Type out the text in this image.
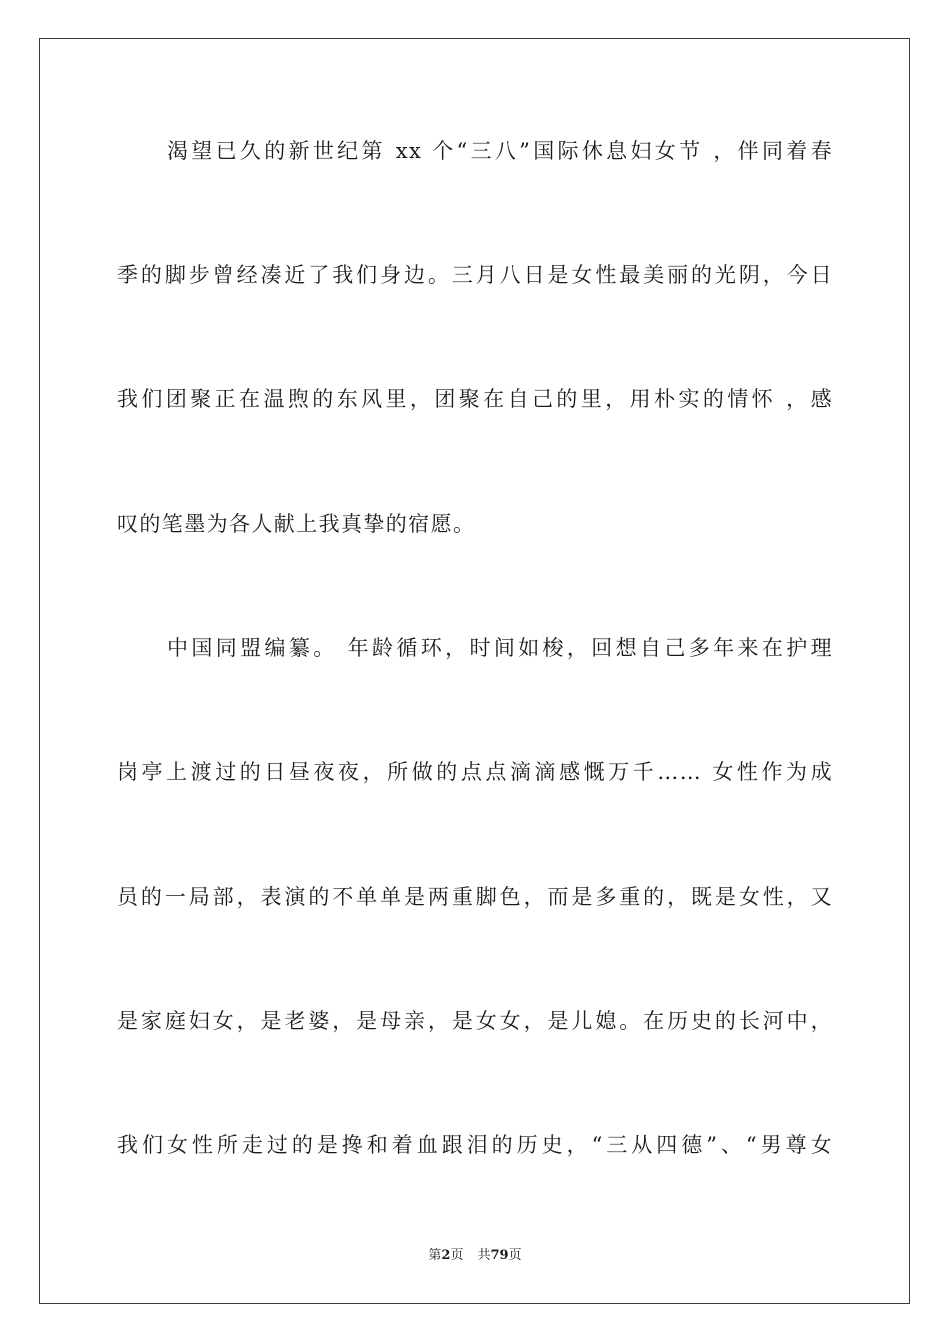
渴望已久的新世纪第 xx 个“三八”国际休息妇女节 ，伴同着春
季的脚步曾经凑近了我们身边。三月八日是女性最美丽的光阴，今日
我们团聚正在温煦的东风里，团聚在自己的里，用朴实的情怀 ，感
叹的笔墨为各人献上我真挚的宿愿。
中国同盟编纂。 年龄循环，时间如梭，回想自己多年来在护理
岗亭上渡过的日昼夜夜，所做的点点滴滴感慨万千…… 女性作为成
员的一局部，表演的不单单是两重脚色，而是多重的，既是女性，又
是家庭妇女，是老婆，是母亲，是女女，是儿媳。在历史的长河中，
我们女性所走过的是搀和着血跟泪的历史，“三从四德”、“男尊女
第2页 共79页
